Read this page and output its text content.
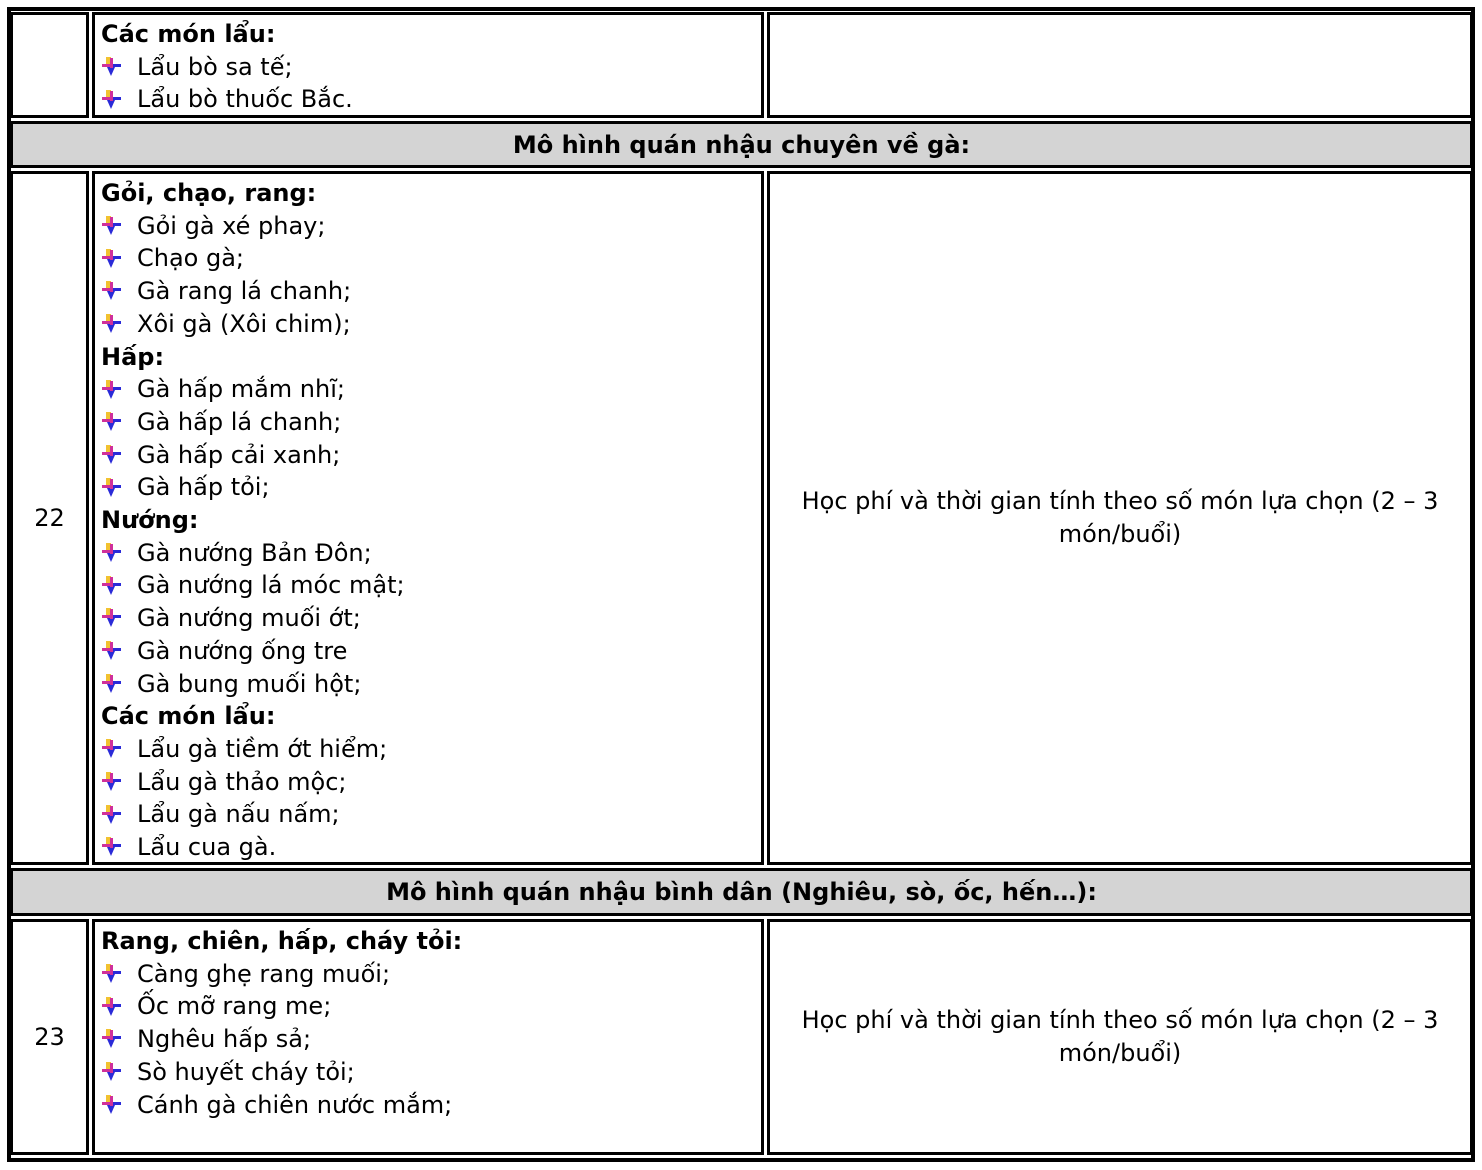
Các món lẩu:
Lẩu bò sa tế;
Lẩu bò thuốc Bắc.
Mô hình quán nhậu chuyên về gà:
22
Gỏi, chạo, rang:
Gỏi gà xé phay;
Chạo gà;
Gà rang lá chanh;
Xôi gà (Xôi chim);
Hấp:
Gà hấp mắm nhĩ;
Gà hấp lá chanh;
Gà hấp cải xanh;
Gà hấp tỏi;
Nướng:
Gà nướng Bản Đôn;
Gà nướng lá móc mật;
Gà nướng muối ớt;
Gà nướng ống tre
Gà bung muối hột;
Các món lẩu:
Lẩu gà tiềm ớt hiểm;
Lẩu gà thảo mộc;
Lẩu gà nấu nấm;
Lẩu cua gà.
Học phí và thời gian tính theo số món lựa chọn (2 – 3 món/buổi)
Mô hình quán nhậu bình dân (Nghiêu, sò, ốc, hến…):
23
Rang, chiên, hấp, cháy tỏi:
Càng ghẹ rang muối;
Ốc mỡ rang me;
Nghêu hấp sả;
Sò huyết cháy tỏi;
Cánh gà chiên nước mắm;
Học phí và thời gian tính theo số món lựa chọn (2 – 3 món/buổi)
